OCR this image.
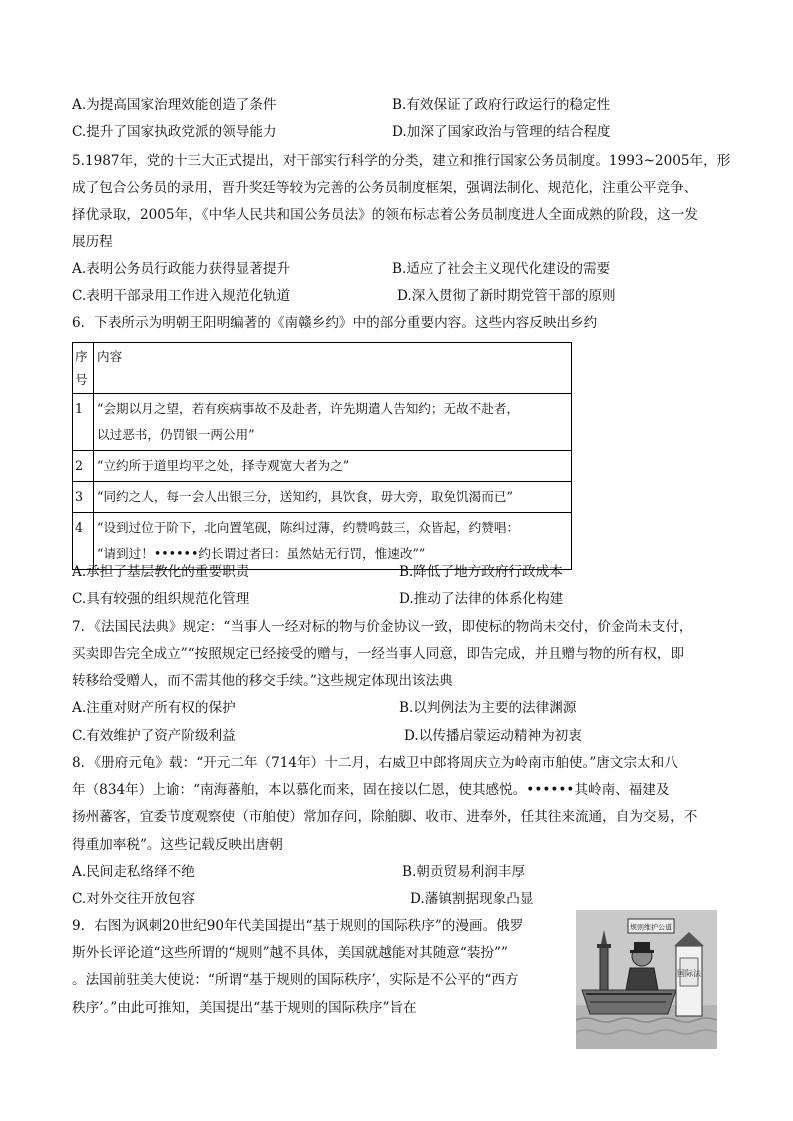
A.为提高国家治理效能创造了条件	B.有效保证了政府行政运行的稳定性
C.提升了国家执政党派的领导能力	D.加深了国家政治与管理的结合程度
5.1987年，党的十三大正式提出，对干部实行科学的分类，建立和推行国家公务员制度。1993~2005年，形
成了包合公务员的录用，晋升奖廷等较为完善的公务员制度框架，强调法制化、规范化，注重公平竞争、
择优录取，2005年，《中华人民共和国公务员法》的领布标志着公务员制度进人全面成熟的阶段，这一发
展历程
A.表明公务员行政能力获得显著提升	B.适应了社会主义现代化建设的需要
C.表明干部录用工作进入规范化轨道	D.深入贯彻了新时期党管干部的原则
6．下表所示为明朝王阳明编著的《南赣乡约》中的部分重要内容。这些内容反映出乡约
序号	内容
1	“会期以月之望，若有疾病事故不及赴者，许先期遣人告知约；无故不赴者，
以过恶书，仍罚银一两公用”

2	“立约所于道里均平之处，择寺观宽大者为之”
3	“同约之人，每一会人出银三分，送知约，具饮食，毋大旁，取免饥渴而已”
4	“设到过位于阶下，北向置笔砚，陈纠过薄，约赞鸣鼓三，众皆起，约赞唱：
“请到过！••••••约长谓过者曰：虽然姑无行罚，惟速改””
A.承担了基层教化的重要职责	B.降低了地方政府行政成本
C.具有较强的组织规范化管理	D.推动了法律的体系化构建
7．《法国民法典》规定：“当事人一经对标的物与价金协议一致，即使标的物尚未交付，价金尚未支付，
买卖即告完全成立”“按照规定已经接受的赠与，一经当事人同意，即告完成，并且赠与物的所有权，即
转移给受赠人，而不需其他的移交手续。”这些规定体现出该法典
A.注重对财产所有权的保护	B.以判例法为主要的法律渊源
C.有效维护了资产阶级利益	D.以传播启蒙运动精神为初衷
8．《册府元龟》载：“开元二年（714年）十二月，右威卫中郎将周庆立为岭南市舶使。”唐文宗太和八
年（834年）上谕：“南海蕃舶，本以慕化而来，固在接以仁恩，使其感悦。••••••其岭南、福建及
扬州蕃客，宜委节度观察使（市舶使）常加存问，除舶脚、收市、进奉外，任其往来流通，自为交易，不
得重加率税”。这些记载反映出唐朝
A.民间走私络绎不绝	B.朝贡贸易利润丰厚
C.对外交往开放包容	D.藩镇割据现象凸显
9．右图为讽刺20世纪90年代美国提出“基于规则的国际秩序”的漫画。俄罗
斯外长评论道“这些所谓的“规则”越不具体，美国就越能对其随意“装扮””
。法国前驻美大使说：“所谓“基于规则的国际秩序’，实际是不公平的“西方
秩序’。”由此可推知，美国提出“基于规则的国际秩序”旨在
规则维护公道
国际法
